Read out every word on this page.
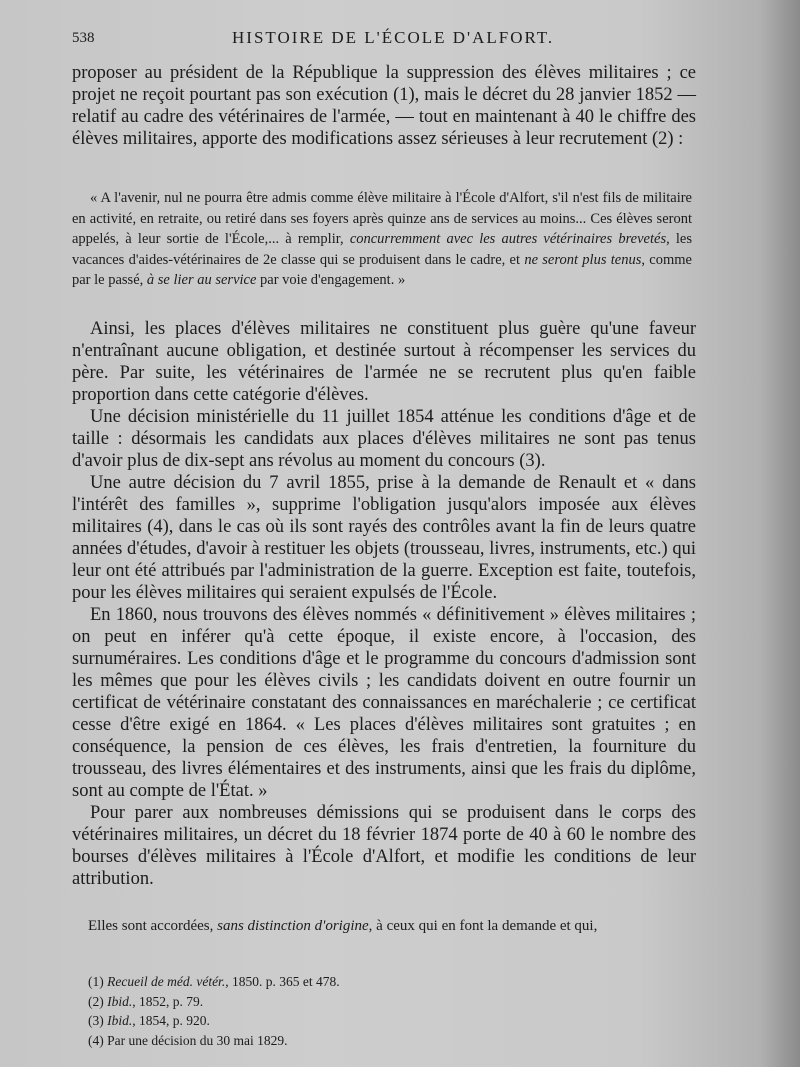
538	HISTOIRE DE L'ÉCOLE D'ALFORT.

proposer au président de la République la suppression des élèves militaires ; ce projet ne reçoit pourtant pas son exécution (1), mais le décret du 28 janvier 1852 — relatif au cadre des vétérinaires de l'armée, — tout en maintenant à 40 le chiffre des élèves militaires, apporte des modifications assez sérieuses à leur recrutement (2) :

« A l'avenir, nul ne pourra être admis comme élève militaire à l'École d'Alfort, s'il n'est fils de militaire en activité, en retraite, ou retiré dans ses foyers après quinze ans de services au moins... Ces élèves seront appelés, à leur sortie de l'École,... à remplir, concurremment avec les autres vétérinaires brevetés, les vacances d'aides-vétérinaires de 2e classe qui se produisent dans le cadre, et ne seront plus tenus, comme par le passé, à se lier au service par voie d'engagement. »

Ainsi, les places d'élèves militaires ne constituent plus guère qu'une faveur n'entraînant aucune obligation, et destinée surtout à récompenser les services du père. Par suite, les vétérinaires de l'armée ne se recrutent plus qu'en faible proportion dans cette catégorie d'élèves.

Une décision ministérielle du 11 juillet 1854 atténue les conditions d'âge et de taille : désormais les candidats aux places d'élèves militaires ne sont pas tenus d'avoir plus de dix-sept ans révolus au moment du concours (3).

Une autre décision du 7 avril 1855, prise à la demande de Renault et « dans l'intérêt des familles », supprime l'obligation jusqu'alors imposée aux élèves militaires (4), dans le cas où ils sont rayés des contrôles avant la fin de leurs quatre années d'études, d'avoir à restituer les objets (trousseau, livres, instruments, etc.) qui leur ont été attribués par l'administration de la guerre. Exception est faite, toutefois, pour les élèves militaires qui seraient expulsés de l'École.

En 1860, nous trouvons des élèves nommés « définitivement » élèves militaires ; on peut en inférer qu'à cette époque, il existe encore, à l'occasion, des surnuméraires. Les conditions d'âge et le programme du concours d'admission sont les mêmes que pour les élèves civils ; les candidats doivent en outre fournir un certificat de vétérinaire constatant des connaissances en maréchalerie ; ce certificat cesse d'être exigé en 1864. « Les places d'élèves militaires sont gratuites ; en conséquence, la pension de ces élèves, les frais d'entretien, la fourniture du trousseau, des livres élémentaires et des instruments, ainsi que les frais du diplôme, sont au compte de l'État. »

Pour parer aux nombreuses démissions qui se produisent dans le corps des vétérinaires militaires, un décret du 18 février 1874 porte de 40 à 60 le nombre des bourses d'élèves militaires à l'École d'Alfort, et modifie les conditions de leur attribution.

Elles sont accordées, sans distinction d'origine, à ceux qui en font la demande et qui,
(1) Recueil de méd. vétér., 1850. p. 365 et 478.
(2) Ibid., 1852, p. 79.
(3) Ibid., 1854, p. 920.
(4) Par une décision du 30 mai 1829.
